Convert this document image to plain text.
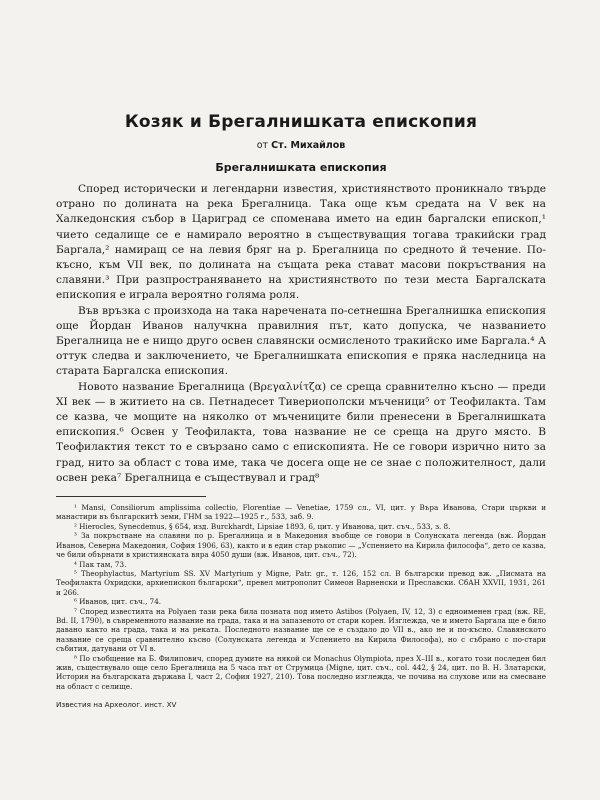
Козяк и Брегалнишката епископия
от Ст. Михайлов
Брегалнишката епископия

Според исторически и легендарни известия, християнството проникнало твърде отрано по долината на река Брегалница. Така още към средата на V век на Халкедонския събор в Цариград се споменава името на един баргалски епископ,¹ чието седалище се е намирало вероятно в съществуващия тогава тракийски град Баргала,² намиращ се на левия бряг на р. Брегалница по средното й течение. По-късно, към VII век, по долината на същата река стават масови покръствания на славяни.³ При разпространяването на християнството по тези места Баргалската епископия е играла вероятно голяма роля.

Във връзка с произхода на така наречената по-сетнешна Брегалнишка епископия още Йордан Иванов налучкна правилния път, като допуска, че названието Брегалница не е нищо друго освен славянски осмисленото тракийско име Баргала.⁴ А оттук следва и заключението, че Брегалнишката епископия е пряка наследница на старата Баргалска епископия.

Новото название Брегалница (Βρεγαλνίτζα) се среща сравнително късно — преди XI век — в житието на св. Петнадесет Тивериополски мъченици⁵ от Теофилакта. Там се казва, че мощите на няколко от мъчениците били пренесени в Брегалнишката епископия.⁶ Освен у Теофилакта, това название не се среща на друго място. В Теофилактия текст то е свързано само с епископията. Не се говори изрично нито за град, нито за област с това име, така че досега още не се знае с положителност, дали освен река⁷ Брегалница е съществувал и град⁸

¹ Mansi, Consiliorum amplissima collectio, Florentiae — Venetiae, 1759 сл., VI, цит. у Въра Иванова, Стари църкви и манастири въ българскитѣ земи, ГНМ за 1922—1925 г., 533, заб. 9.

² Hierocles, Synecdemus, § 654, изд. Burckhardt, Lipsiae 1893, 6, цит. у Иванова, цит. съч., 533, з. 8.

³ За покръстване на славяни по р. Брегалница и в Македония въобще се говори в Солунската легенда (вж. Йордан Иванов, Северна Македония, София 1906, 63), както и в един стар ръкопис — „Успението на Кирила философа“, дето се казва, че били обърнати в християнската вяра 4050 души (вж. Иванов, цит. съч., 72).

⁴ Пак там, 73.

⁵ Theophylactus, Martyrium SS. XV Martyrium у Migne, Patr. gr., т. 126, 152 сл. В български превод вж. „Писмата на Теофилакта Охридски, архиепископ български“, превел митрополит Симеон Варненски и Преславски. СбАН XXVII, 1931, 261 и 266.

⁶ Иванов, цит. съч., 74.

⁷ Според известията на Polyaen тази река била позната под името Astibos (Polyaen, IV, 12, 3) с едноименен град (вж. RE, Bd. II, 1790), в съвременното название на града, така и на запазеното от стари корен. Изглежда, че и името Баргала ще е било давано както на града, така и на реката. Последното название ще се е създало до VII в., ако не и по-късно. Славянското название се среща сравнително късно (Солунската легенда и Успението на Кирила Философа), но с събрано с по-стари събития, датувани от VI в.

⁸ По съобщение на Б. Филипович, според думите на някой си Monachus Olympiota, през X–III в., когато този последен бил жив, съществувало още село Брегалница на 5 часа път от Струмица (Migne, цит. съч., col. 442, § 24, цит. по В. Н. Златарски, История на българската държава I, част 2, София 1927, 210). Това последно изглежда, че почива на слухове или на смесване на област с селище.

Известия на Археолог. инст. XV
